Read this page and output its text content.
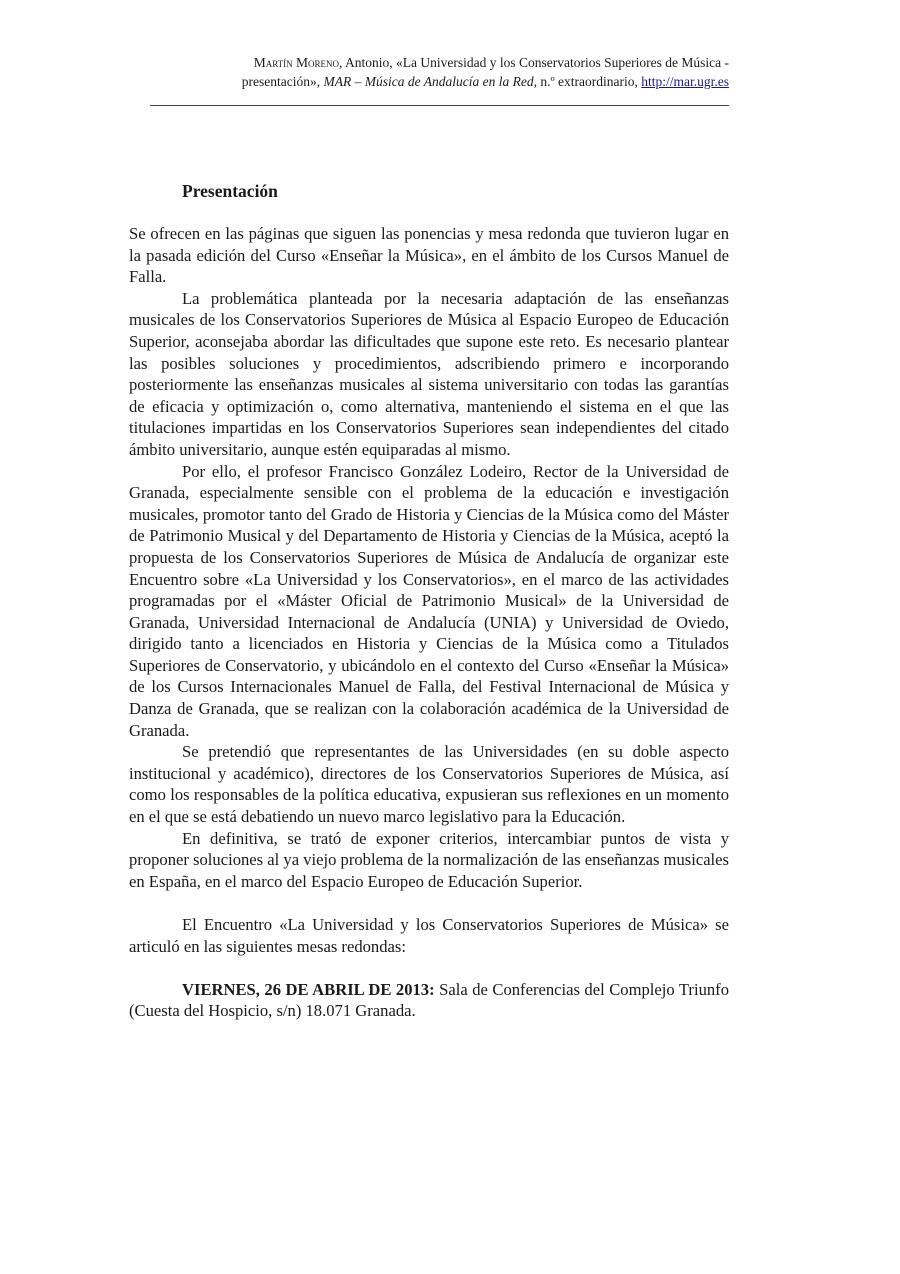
Martín Moreno, Antonio, «La Universidad y los Conservatorios Superiores de Música -
presentación», MAR – Música de Andalucía en la Red, n.º extraordinario, http://mar.ugr.es
Presentación

Se ofrecen en las páginas que siguen las ponencias y mesa redonda que tuvieron lugar en la pasada edición del Curso «Enseñar la Música», en el ámbito de los Cursos Manuel de Falla.

La problemática planteada por la necesaria adaptación de las enseñanzas musicales de los Conservatorios Superiores de Música al Espacio Europeo de Educación Superior, aconsejaba abordar las dificultades que supone este reto. Es necesario plantear las posibles soluciones y procedimientos, adscribiendo primero e incorporando posteriormente las enseñanzas musicales al sistema universitario con todas las garantías de eficacia y optimización o, como alternativa, manteniendo el sistema en el que las titulaciones impartidas en los Conservatorios Superiores sean independientes del citado ámbito universitario, aunque estén equiparadas al mismo.

Por ello, el profesor Francisco González Lodeiro, Rector de la Universidad de Granada, especialmente sensible con el problema de la educación e investigación musicales, promotor tanto del Grado de Historia y Ciencias de la Música como del Máster de Patrimonio Musical y del Departamento de Historia y Ciencias de la Música, aceptó la propuesta de los Conservatorios Superiores de Música de Andalucía de organizar este Encuentro sobre «La Universidad y los Conservatorios», en el marco de las actividades programadas por el «Máster Oficial de Patrimonio Musical» de la Universidad de Granada, Universidad Internacional de Andalucía (UNIA) y Universidad de Oviedo, dirigido tanto a licenciados en Historia y Ciencias de la Música como a Titulados Superiores de Conservatorio, y ubicándolo en el contexto del Curso «Enseñar la Música» de los Cursos Internacionales Manuel de Falla, del Festival Internacional de Música y Danza de Granada, que se realizan con la colaboración académica de la Universidad de Granada.

Se pretendió que representantes de las Universidades (en su doble aspecto institucional y académico), directores de los Conservatorios Superiores de Música, así como los responsables de la política educativa, expusieran sus reflexiones en un momento en el que se está debatiendo un nuevo marco legislativo para la Educación.

En definitiva, se trató de exponer criterios, intercambiar puntos de vista y proponer soluciones al ya viejo problema de la normalización de las enseñanzas musicales en España, en el marco del Espacio Europeo de Educación Superior.

El Encuentro «La Universidad y los Conservatorios Superiores de Música» se articuló en las siguientes mesas redondas:

VIERNES, 26 DE ABRIL DE 2013: Sala de Conferencias del Complejo Triunfo (Cuesta del Hospicio, s/n) 18.071 Granada.
